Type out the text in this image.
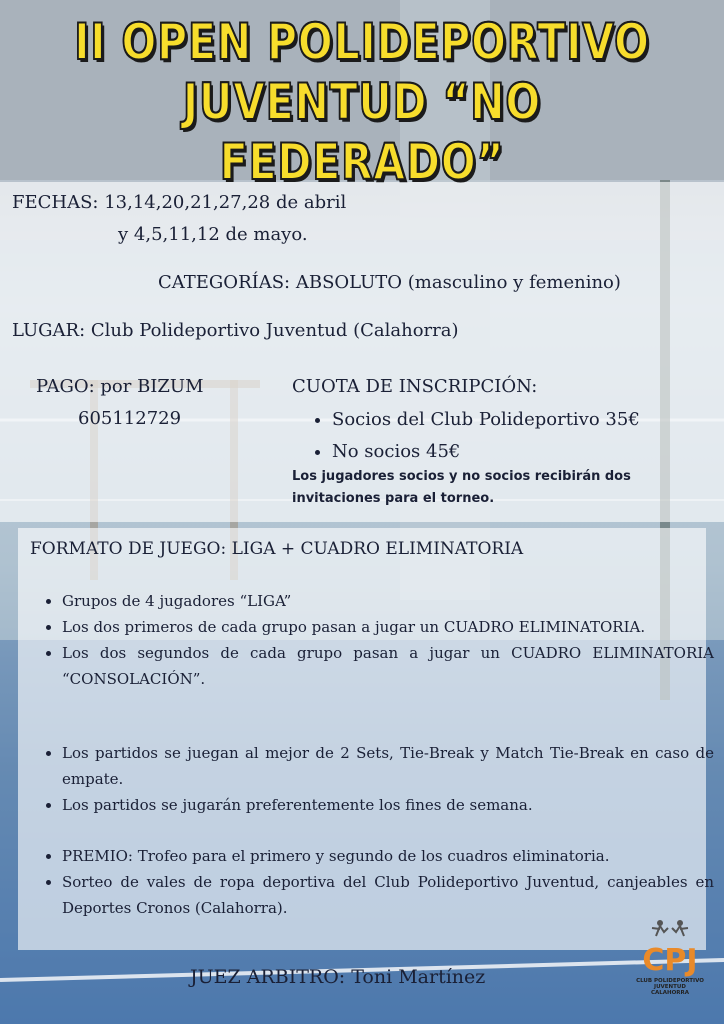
II OPEN POLIDEPORTIVO
JUVENTUD “NO FEDERADO”
FECHAS: 13,14,20,21,27,28 de abril
y 4,5,11,12 de mayo.
CATEGORÍAS: ABSOLUTO (masculino y femenino)
LUGAR: Club Polideportivo Juventud (Calahorra)
PAGO: por BIZUM
605112729
CUOTA DE INSCRIPCIÓN:
• Socios del Club Polideportivo 35€
• No socios 45€
Los jugadores socios y no socios recibirán dos invitaciones para el torneo.
FORMATO DE JUEGO: LIGA + CUADRO ELIMINATORIA
• Grupos de 4 jugadores “LIGA”
• Los dos primeros de cada grupo pasan a jugar un CUADRO ELIMINATORIA.
• Los dos segundos de cada grupo pasan a jugar un CUADRO ELIMINATORIA “CONSOLACIÓN”.
• Los partidos se juegan al mejor de 2 Sets, Tie-Break y Match Tie-Break en caso de empate.
• Los partidos se jugarán preferentemente los fines de semana.
• PREMIO: Trofeo para el primero y segundo de los cuadros eliminatoria.
• Sorteo de vales de ropa deportiva del Club Polideportivo Juventud, canjeables en Deportes Cronos (Calahorra).
JUEZ ARBITRO: Toni Martínez	CPJ
CLUB POLIDEPORTIVO
JUVENTUD
CALAHORRA
